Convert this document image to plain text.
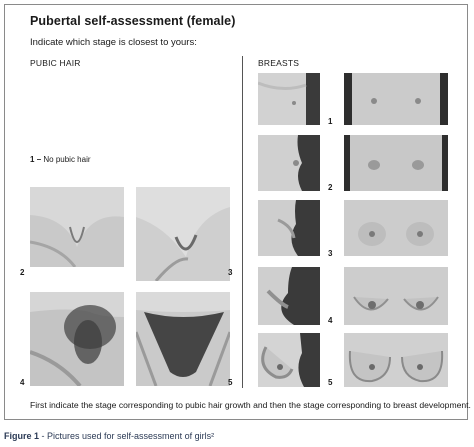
Pubertal self-assessment (female)
Indicate which stage is closest to yours:
PUBIC HAIR	BREASTS
1 – No pubic hair
2	3
4	5
1
2
3
4
5
First indicate the stage corresponding to pubic hair growth and then the stage corresponding to breast development.
Figure 1 - Pictures used for self-assessment of girls²
